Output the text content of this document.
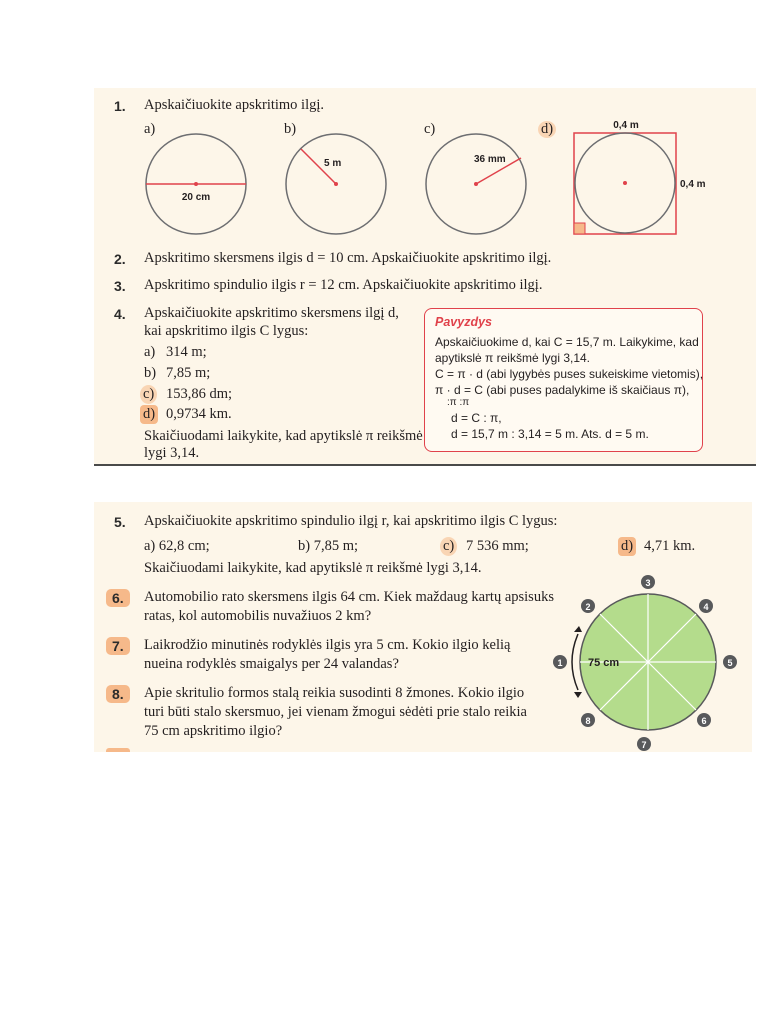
1. Apskaičiuokite apskritimo ilgį.
a)	b)	c)	d)
20 cm
5 m	36 mm
0,4 m
0,4 m
2. Apskritimo skersmens ilgis d = 10 cm. Apskaičiuokite apskritimo ilgį.
3. Apskritimo spindulio ilgis r = 12 cm. Apskaičiuokite apskritimo ilgį.
4. Apskaičiuokite apskritimo skersmens ilgį d,
kai apskritimo ilgis C lygus:
a) 314 m;
b) 7,85 m;
c) 153,86 dm;
d) 0,9734 km.
Skaičiuodami laikykite, kad apytikslė π reikšmė
lygi 3,14.
Pavyzdys
Apskaičiuokime d, kai C = 15,7 m. Laikykime, kad
apytikslė π reikšmė lygi 3,14.
C = π · d (abi lygybės puses sukeiskime vietomis),
π · d = C (abi puses padalykime iš skaičiaus π),
:π :π
d = C : π,
d = 15,7 m : 3,14 = 5 m. Ats. d = 5 m.
5. Apskaičiuokite apskritimo spindulio ilgį r, kai apskritimo ilgis C lygus:
a) 62,8 cm;	b) 7,85 m;	c) 7 536 mm;	d) 4,71 km.
Skaičiuodami laikykite, kad apytikslė π reikšmė lygi 3,14.
6.	Automobilio rato skersmens ilgis 64 cm. Kiek maždaug kartų apsisuks
ratas, kol automobilis nuvažiuos 2 km?
7.	Laikrodžio minutinės rodyklės ilgis yra 5 cm. Kokio ilgio kelią
nueina rodyklės smaigalys per 24 valandas?
8.	Apie skritulio formos stalą reikia susodinti 8 žmones. Kokio ilgio
turi būti stalo skersmuo, jei vienam žmogui sėdėti prie stalo reikia
75 cm apskritimo ilgio?
75 cm
1
2
3
4
5
6
7
8
